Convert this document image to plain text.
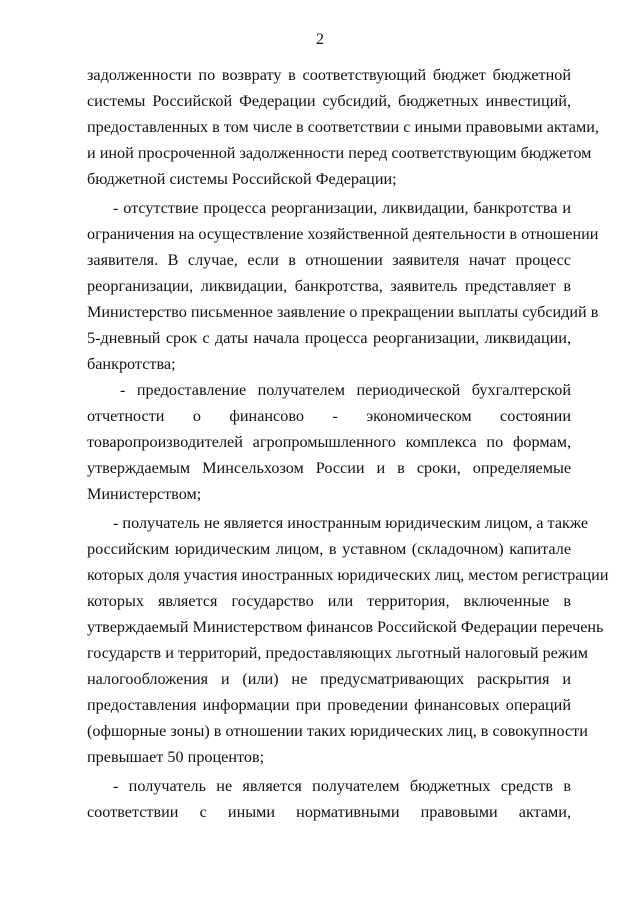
2
задолженности по возврату в соответствующий бюджет бюджетной
системы Российской Федерации субсидий, бюджетных инвестиций,
предоставленных в том числе в соответствии с иными правовыми актами,
и иной просроченной задолженности перед соответствующим бюджетом
бюджетной системы Российской Федерации;
- отсутствие процесса реорганизации, ликвидации, банкротства и
ограничения на осуществление хозяйственной деятельности в отношении
заявителя. В случае, если в отношении заявителя начат процесс
реорганизации, ликвидации, банкротства, заявитель представляет в
Министерство письменное заявление о прекращении выплаты субсидий в
5-дневный срок с даты начала процесса реорганизации, ликвидации,
банкротства;
- предоставление получателем периодической бухгалтерской
отчетности о финансово - экономическом состоянии
товаропроизводителей агропромышленного комплекса по формам,
утверждаемым Минсельхозом России и в сроки, определяемые
Министерством;
- получатель не является иностранным юридическим лицом, а также
российским юридическим лицом, в уставном (складочном) капитале
которых доля участия иностранных юридических лиц, местом регистрации
которых является государство или территория, включенные в
утверждаемый Министерством финансов Российской Федерации перечень
государств и территорий, предоставляющих льготный налоговый режим
налогообложения и (или) не предусматривающих раскрытия и
предоставления информации при проведении финансовых операций
(офшорные зоны) в отношении таких юридических лиц, в совокупности
превышает 50 процентов;
- получатель не является получателем бюджетных средств в
соответствии с иными нормативными правовыми актами,
